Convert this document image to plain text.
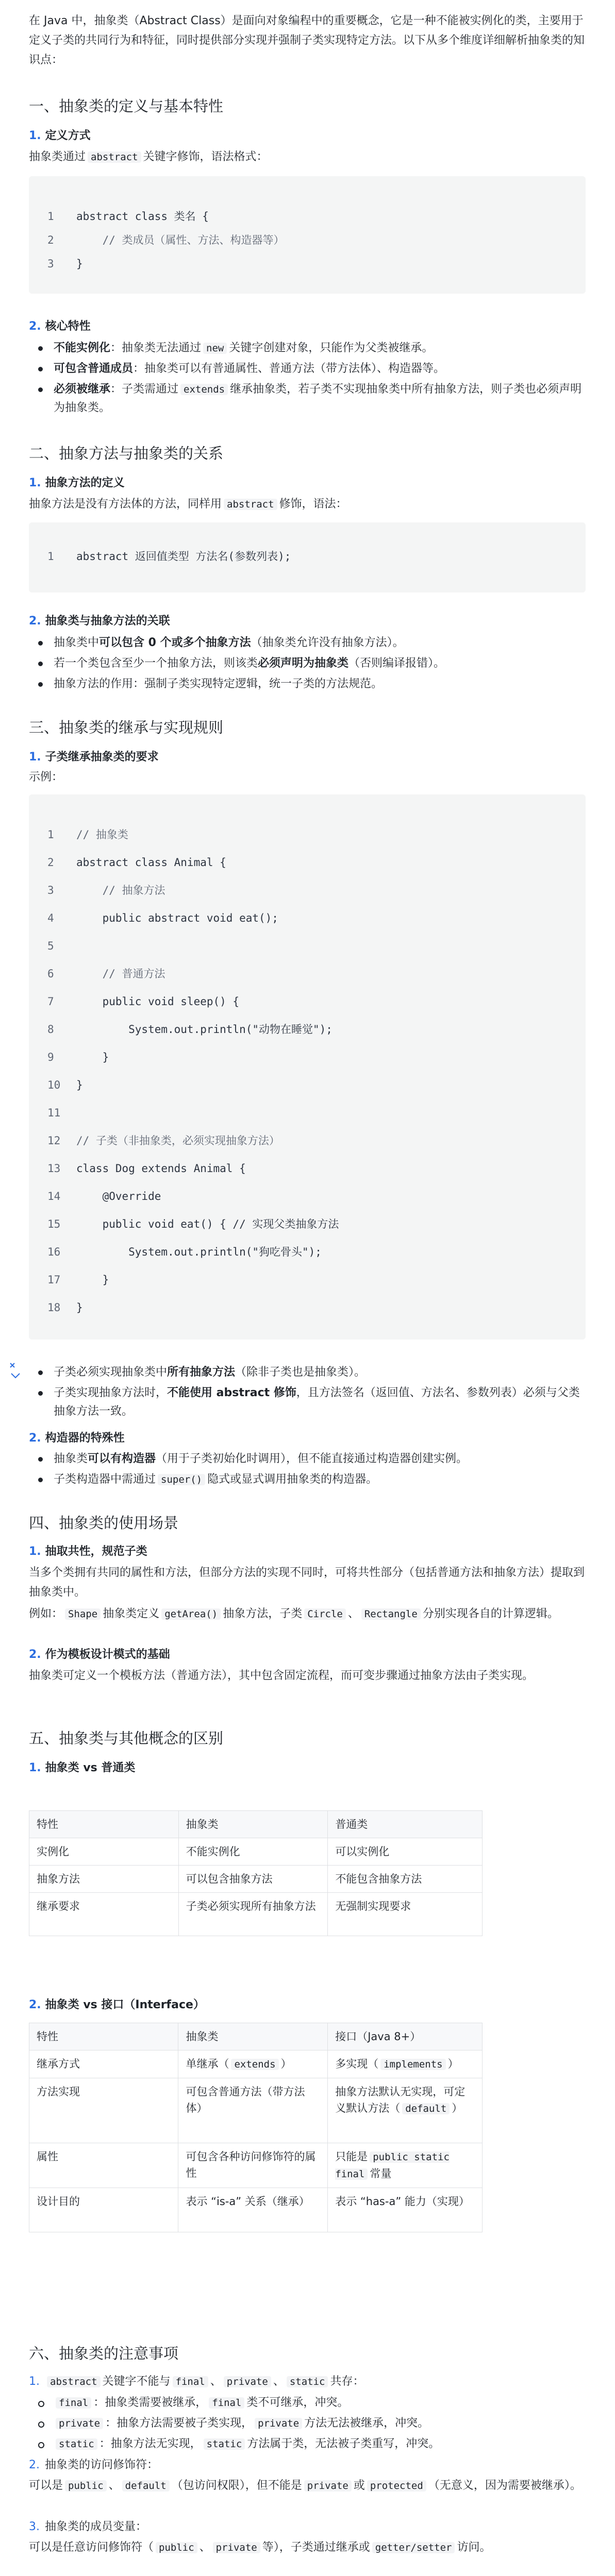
在 Java 中，抽象类（Abstract Class）是面向对象编程中的重要概念，它是一种不能被实例化的类，主要用于定义子类的共同行为和特征，同时提供部分实现并强制子类实现特定方法。以下从多个维度详细解析抽象类的知识点：

一、抽象类的定义与基本特性
1. 定义方式
抽象类通过 abstract 关键字修饰，语法格式：
1	abstract class 类名 {
2	// 类成员（属性、方法、构造器等）
3	}
2. 核心特性
不能实例化：抽象类无法通过 new 关键字创建对象，只能作为父类被继承。
可包含普通成员：抽象类可以有普通属性、普通方法（带方法体）、构造器等。
必须被继承：子类需通过 extends 继承抽象类，若子类不实现抽象类中所有抽象方法，则子类也必须声明为抽象类。
二、抽象方法与抽象类的关系
1. 抽象方法的定义
抽象方法是没有方法体的方法，同样用 abstract 修饰，语法：
1	abstract 返回值类型 方法名(参数列表);
2. 抽象类与抽象方法的关联
抽象类中可以包含 0 个或多个抽象方法（抽象类允许没有抽象方法）。
若一个类包含至少一个抽象方法，则该类必须声明为抽象类（否则编译报错）。
抽象方法的作用：强制子类实现特定逻辑，统一子类的方法规范。
三、抽象类的继承与实现规则
1. 子类继承抽象类的要求
示例：
1	// 抽象类
2	abstract class Animal {
3	// 抽象方法
4	public abstract void eat();
5
6	// 普通方法
7	public void sleep() {
8	System.out.println("动物在睡觉");
9	}
10	}
11
12	// 子类（非抽象类，必须实现抽象方法）
13	class Dog extends Animal {
14	@Override
15	public void eat() { // 实现父类抽象方法
16	System.out.println("狗吃骨头");
17	}
18	}
子类必须实现抽象类中所有抽象方法（除非子类也是抽象类）。
子类实现抽象方法时，不能使用 abstract 修饰，且方法签名（返回值、方法名、参数列表）必须与父类抽象方法一致。
2. 构造器的特殊性
抽象类可以有构造器（用于子类初始化时调用），但不能直接通过构造器创建实例。
子类构造器中需通过 super() 隐式或显式调用抽象类的构造器。
四、抽象类的使用场景
1. 抽取共性，规范子类
当多个类拥有共同的属性和方法，但部分方法的实现不同时，可将共性部分（包括普通方法和抽象方法）提取到抽象类中。
例如： Shape 抽象类定义 getArea() 抽象方法，子类 Circle 、 Rectangle 分别实现各自的计算逻辑。
2. 作为模板设计模式的基础
抽象类可定义一个模板方法（普通方法），其中包含固定流程，而可变步骤通过抽象方法由子类实现。
五、抽象类与其他概念的区别
1. 抽象类 vs 普通类
特性	抽象类	普通类
实例化	不能实例化	可以实例化
抽象方法	可以包含抽象方法	不能包含抽象方法
继承要求	子类必须实现所有抽象方法	无强制实现要求
2. 抽象类 vs 接口（Interface）
特性	抽象类	接口（Java 8+）
继承方式	单继承（ extends ）	多实现（ implements ）
方法实现	可包含普通方法（带方法体）	抽象方法默认无实现，可定义默认方法（ default ）
属性	可包含各种访问修饰符的属性	只能是 public static final 常量
设计目的	表示 “is-a” 关系（继承）	表示 “has-a” 能力（实现）
六、抽象类的注意事项
1. abstract 关键字不能与 final 、 private 、 static 共存：
final ：抽象类需要被继承， final 类不可继承，冲突。
private ：抽象方法需要被子类实现， private 方法无法被继承，冲突。
static ：抽象方法无实现， static 方法属于类，无法被子类重写，冲突。
2. 抽象类的访问修饰符：
可以是 public 、 default （包访问权限），但不能是 private 或 protected （无意义，因为需要被继承）。
3. 抽象类的成员变量：
可以是任意访问修饰符（ public 、 private 等），子类通过继承或 getter/setter 访问。
